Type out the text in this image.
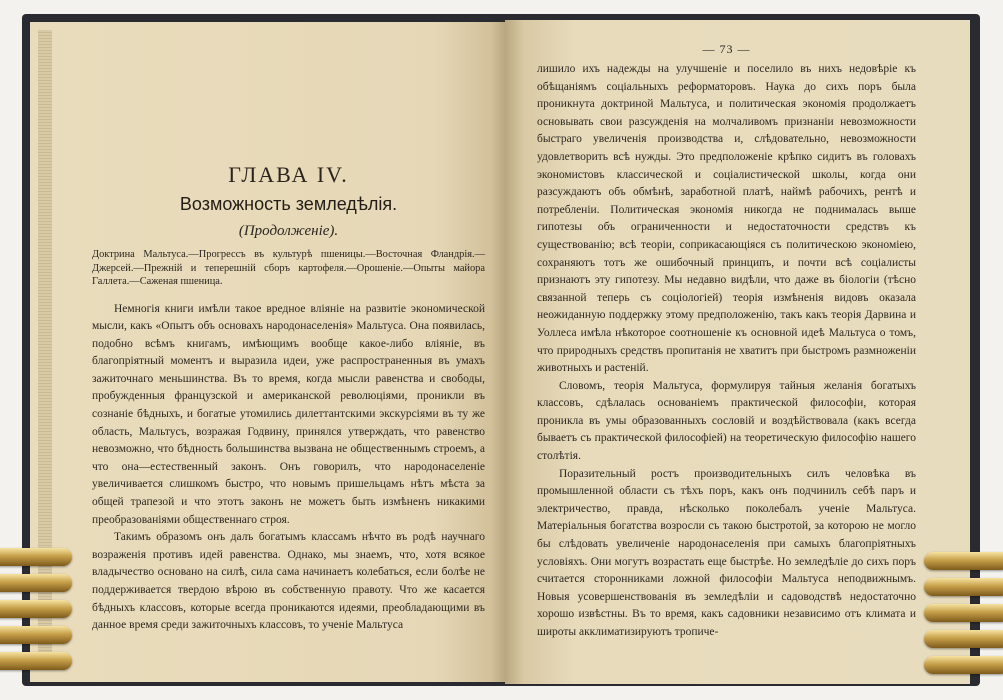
ГЛАВА IV.
Возможность земледѣлія.
(Продолженіе).

Доктрина Мальтуса.—Прогрессъ въ культурѣ пшеницы.—Восточная Фландрія.—Джерсей.—Прежній и теперешній сборъ картофеля.—Орошеніе.—Опыты майора Галлета.—Саженая пшеница.

Немногія книги имѣли такое вредное вліяніе на развитіе экономической мысли, какъ «Опытъ объ основахъ народонаселенія» Мальтуса. Она появилась, подобно всѣмъ книгамъ, имѣющимъ вообще какое-либо вліяніе, въ благопріятный моментъ и выразила идеи, уже распространенныя въ умахъ зажиточнаго меньшинства. Въ то время, когда мысли равенства и свободы, пробужденныя французской и американской революціями, проникли въ сознаніе бѣдныхъ, и богатые утомились дилеттантскими экскурсіями въ ту же область, Мальтусъ, возражая Годвину, принялся утверждать, что равенство невозможно, что бѣдность большинства вызвана не общественнымъ строемъ, а что она—естественный законъ. Онъ говорилъ, что народонаселеніе увеличивается слишкомъ быстро, что новымъ пришельцамъ нѣтъ мѣста за общей трапезой и что этотъ законъ не можетъ быть измѣненъ никакими преобразованіями общественнаго строя.

Такимъ образомъ онъ далъ богатымъ классамъ нѣчто въ родѣ научнаго возраженія противъ идей равенства. Однако, мы знаемъ, что, хотя всякое владычество основано на силѣ, сила сама начинаетъ колебаться, если болѣе не поддерживается твердою вѣрою въ собственную правоту. Что же касается бѣдныхъ классовъ, которые всегда проникаются идеями, преобладающими въ данное время среди зажиточныхъ классовъ, то ученіе Мальтуса

— 73 —

лишило ихъ надежды на улучшеніе и поселило въ нихъ недовѣріе къ обѣщаніямъ соціальныхъ реформаторовъ. Наука до сихъ поръ была проникнута доктриной Мальтуса, и политическая экономія продолжаетъ основывать свои разсужденія на молчаливомъ признаніи невозможности быстраго увеличенія производства и, слѣдовательно, невозможности удовлетворить всѣ нужды. Это предположеніе крѣпко сидитъ въ головахъ экономистовъ классической и соціалистической школы, когда они разсуждаютъ объ обмѣнѣ, заработной платѣ, наймѣ рабочихъ, рентѣ и потребленіи. Политическая экономія никогда не поднималась выше гипотезы объ ограниченности и недостаточности средствъ къ существованію; всѣ теоріи, соприкасающіяся съ политическою экономіею, сохраняютъ тотъ же ошибочный принципъ, и почти всѣ соціалисты признаютъ эту гипотезу. Мы недавно видѣли, что даже въ біологіи (тѣсно связанной теперь съ соціологіей) теорія измѣненія видовъ оказала неожиданную поддержку этому предположенію, такъ какъ теорія Дарвина и Уоллеса имѣла нѣкоторое соотношеніе къ основной идеѣ Мальтуса о томъ, что природныхъ средствъ пропитанія не хватитъ при быстромъ размноженіи животныхъ и растеній.

Словомъ, теорія Мальтуса, формулируя тайныя желанія богатыхъ классовъ, сдѣлалась основаніемъ практической философіи, которая проникла въ умы образованныхъ сословій и воздѣйствовала (какъ всегда бываетъ съ практической философіей) на теоретическую философію нашего столѣтія.

Поразительный ростъ производительныхъ силъ человѣка въ промышленной области съ тѣхъ поръ, какъ онъ подчинилъ себѣ паръ и электричество, правда, нѣсколько поколебалъ ученіе Мальтуса. Матеріальныя богатства возросли съ такою быстротой, за которою не могло бы слѣдовать увеличеніе народонаселенія при самыхъ благопріятныхъ условіяхъ. Они могутъ возрастать еще быстрѣе. Но земледѣліе до сихъ поръ считается сторонниками ложной философіи Мальтуса неподвижнымъ. Новыя усовершенствованія въ земледѣліи и садоводствѣ недостаточно хорошо извѣстны. Въ то время, какъ садовники независимо отъ климата и широты акклиматизируютъ тропиче-
